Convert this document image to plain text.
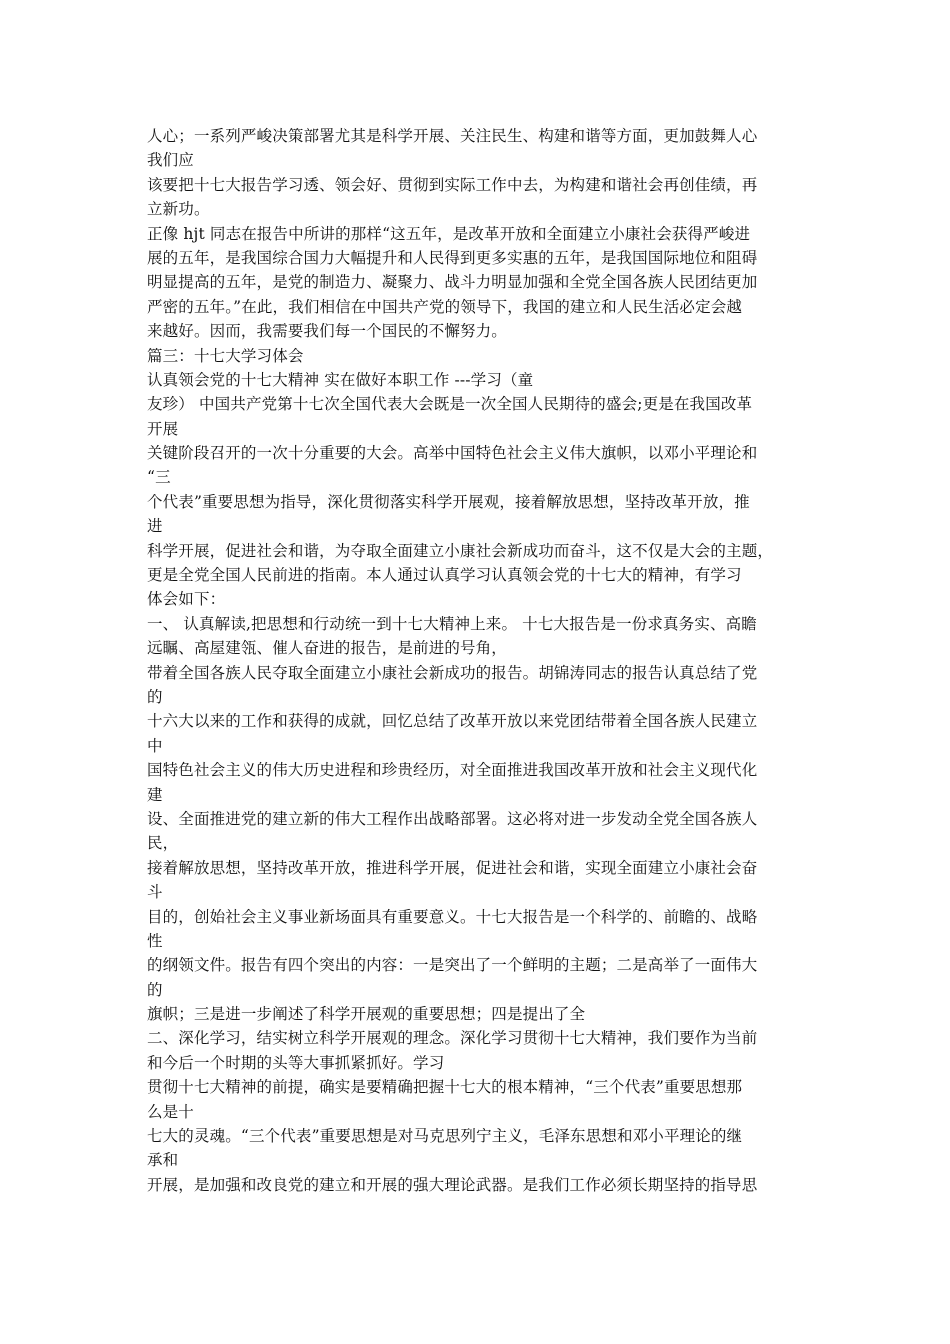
人心；一系列严峻决策部署尤其是科学开展、关注民生、构建和谐等方面，更加鼓舞人心
我们应
该要把十七大报告学习透、领会好、贯彻到实际工作中去，为构建和谐社会再创佳绩，再
立新功。
正像 hjt 同志在报告中所讲的那样“这五年，是改革开放和全面建立小康社会获得严峻进
展的五年，是我国综合国力大幅提升和人民得到更多实惠的五年，是我国国际地位和阻碍
明显提高的五年，是党的制造力、凝聚力、战斗力明显加强和全党全国各族人民团结更加
严密的五年。”在此，我们相信在中国共产党的领导下，我国的建立和人民生活必定会越
来越好。因而，我需要我们每一个国民的不懈努力。
篇三：十七大学习体会
认真领会党的十七大精神 实在做好本职工作 ---学习（童
友珍） 中国共产党第十七次全国代表大会既是一次全国人民期待的盛会;更是在我国改革
开展
关键阶段召开的一次十分重要的大会。高举中国特色社会主义伟大旗帜，以邓小平理论和
“三
个代表”重要思想为指导，深化贯彻落实科学开展观，接着解放思想，坚持改革开放，推
进
科学开展，促进社会和谐，为夺取全面建立小康社会新成功而奋斗，这不仅是大会的主题，
更是全党全国人民前进的指南。本人通过认真学习认真领会党的十七大的精神，有学习
体会如下：
一、 认真解读,把思想和行动统一到十七大精神上来。 十七大报告是一份求真务实、高瞻
远瞩、高屋建瓴、催人奋进的报告，是前进的号角，
带着全国各族人民夺取全面建立小康社会新成功的报告。胡锦涛同志的报告认真总结了党
的
十六大以来的工作和获得的成就，回忆总结了改革开放以来党团结带着全国各族人民建立
中
国特色社会主义的伟大历史进程和珍贵经历，对全面推进我国改革开放和社会主义现代化
建
设、全面推进党的建立新的伟大工程作出战略部署。这必将对进一步发动全党全国各族人
民，
接着解放思想，坚持改革开放，推进科学开展，促进社会和谐，实现全面建立小康社会奋
斗
目的，创始社会主义事业新场面具有重要意义。十七大报告是一个科学的、前瞻的、战略
性
的纲领文件。报告有四个突出的内容：一是突出了一个鲜明的主题；二是高举了一面伟大
的
旗帜；三是进一步阐述了科学开展观的重要思想；四是提出了全
二、深化学习，结实树立科学开展观的理念。深化学习贯彻十七大精神，我们要作为当前
和今后一个时期的头等大事抓紧抓好。学习
贯彻十七大精神的前提，确实是要精确把握十七大的根本精神，“三个代表”重要思想那
么是十
七大的灵魂。“三个代表”重要思想是对马克思列宁主义，毛泽东思想和邓小平理论的继
承和
开展，是加强和改良党的建立和开展的强大理论武器。是我们工作必须长期坚持的指导思
